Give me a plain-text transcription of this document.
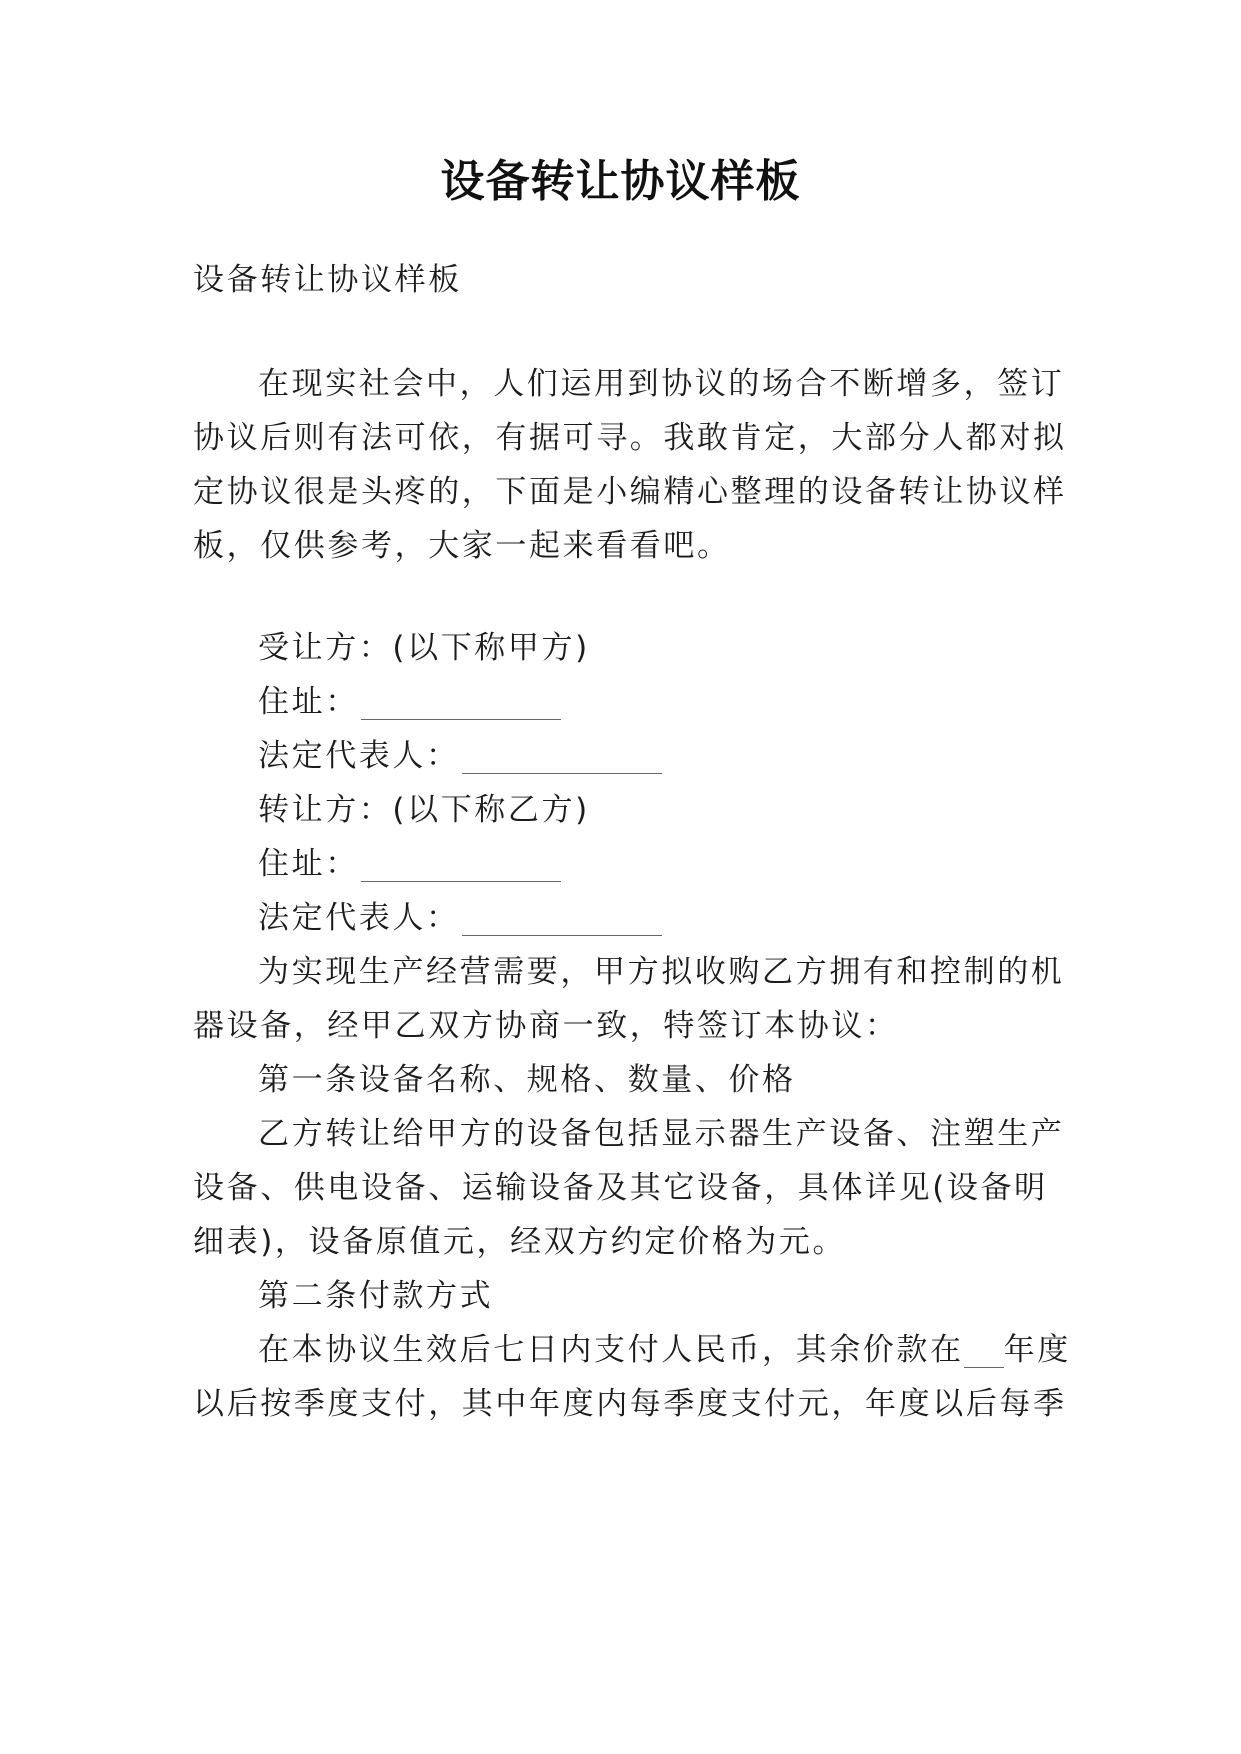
设备转让协议样板
设备转让协议样板
在现实社会中，人们运用到协议的场合不断增多，签订
协议后则有法可依，有据可寻。我敢肯定，大部分人都对拟
定协议很是头疼的，下面是小编精心整理的设备转让协议样
板，仅供参考，大家一起来看看吧。
受让方：(以下称甲方)
住址：
法定代表人：
转让方：(以下称乙方)
住址：
法定代表人：
为实现生产经营需要，甲方拟收购乙方拥有和控制的机
器设备，经甲乙双方协商一致，特签订本协议：
第一条设备名称、规格、数量、价格
乙方转让给甲方的设备包括显示器生产设备、注塑生产
设备、供电设备、运输设备及其它设备，具体详见(设备明
细表)，设备原值元，经双方约定价格为元。
第二条付款方式
在本协议生效后七日内支付人民币，其余价款在 年度
以后按季度支付，其中年度内每季度支付元，年度以后每季
